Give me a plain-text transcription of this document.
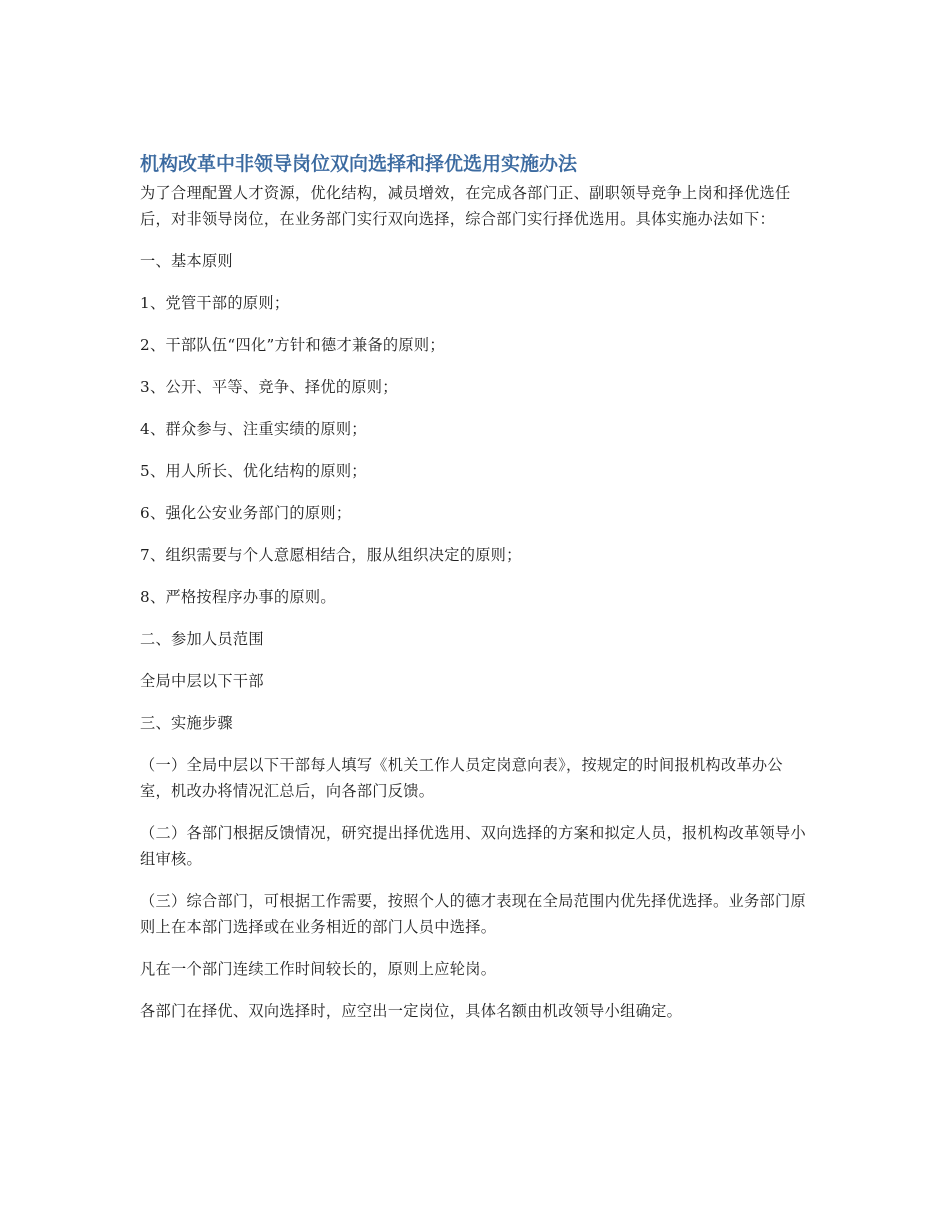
机构改革中非领导岗位双向选择和择优选用实施办法

为了合理配置人才资源，优化结构，减员增效，在完成各部门正、副职领导竞争上岗和择优选任后，对非领导岗位，在业务部门实行双向选择，综合部门实行择优选用。具体实施办法如下：

一、基本原则

1、党管干部的原则；

2、干部队伍“四化”方针和德才兼备的原则；

3、公开、平等、竞争、择优的原则；

4、群众参与、注重实绩的原则；

5、用人所长、优化结构的原则；

6、强化公安业务部门的原则；

7、组织需要与个人意愿相结合，服从组织决定的原则；

8、严格按程序办事的原则。

二、参加人员范围

全局中层以下干部

三、实施步骤

（一）全局中层以下干部每人填写《机关工作人员定岗意向表》，按规定的时间报机构改革办公室，机改办将情况汇总后，向各部门反馈。

（二）各部门根据反馈情况，研究提出择优选用、双向选择的方案和拟定人员，报机构改革领导小组审核。

（三）综合部门，可根据工作需要，按照个人的德才表现在全局范围内优先择优选择。业务部门原则上在本部门选择或在业务相近的部门人员中选择。

凡在一个部门连续工作时间较长的，原则上应轮岗。

各部门在择优、双向选择时，应空出一定岗位，具体名额由机改领导小组确定。
